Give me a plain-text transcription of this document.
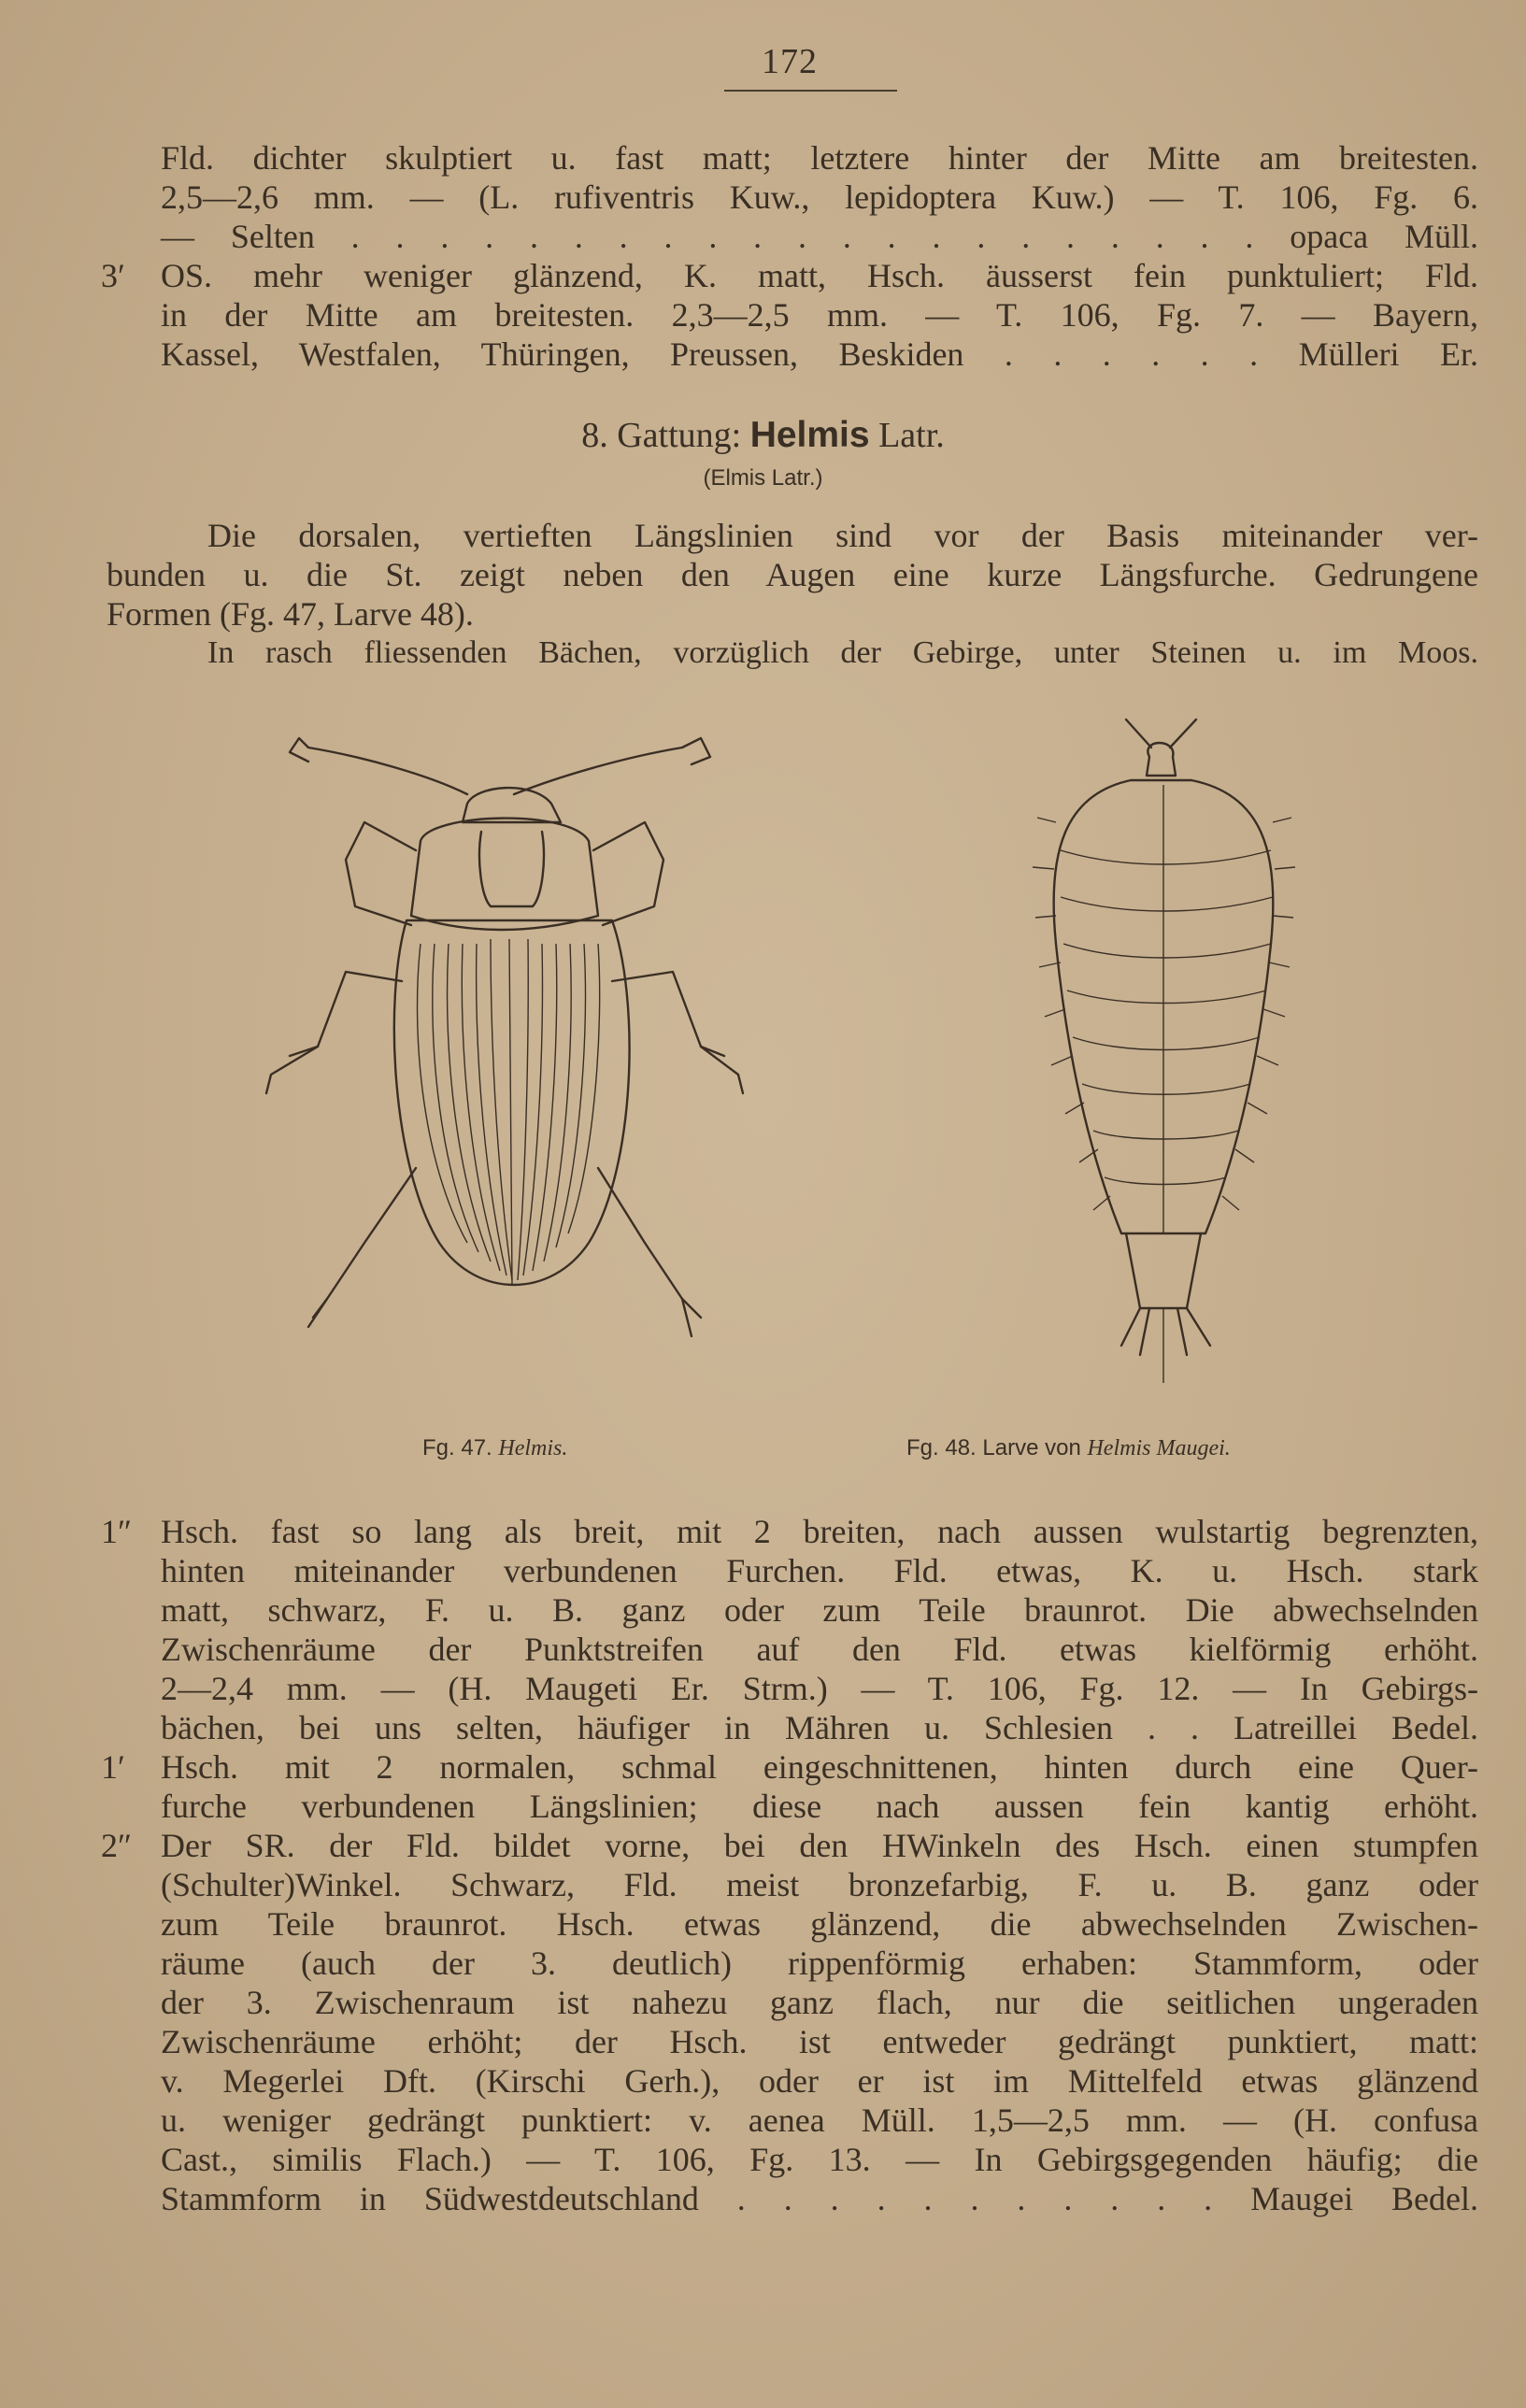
172
Fld. dichter skulptiert u. fast matt; letztere hinter der Mitte am breitesten.
2,5—2,6 mm. — (L. rufiventris Kuw., lepidoptera Kuw.) — T. 106, Fg. 6.
— Selten . . . . . . . . . . . . . . . . . . . . . opaca Müll.
3′ OS. mehr weniger glänzend, K. matt, Hsch. äusserst fein punktuliert; Fld.
in der Mitte am breitesten. 2,3—2,5 mm. — T. 106, Fg. 7. — Bayern,
Kassel, Westfalen, Thüringen, Preussen, Beskiden . . . . . . Mülleri Er.
8. Gattung: Helmis Latr.
(Elmis Latr.)
Die dorsalen, vertieften Längslinien sind vor der Basis miteinander ver-
bunden u. die St. zeigt neben den Augen eine kurze Längsfurche. Gedrungene
Formen (Fg. 47, Larve 48).
In rasch fliessenden Bächen, vorzüglich der Gebirge, unter Steinen u. im Moos.
Fg. 47. Helmis.	Fg. 48. Larve von Helmis Maugei.
1″ Hsch. fast so lang als breit, mit 2 breiten, nach aussen wulstartig begrenzten,
hinten miteinander verbundenen Furchen. Fld. etwas, K. u. Hsch. stark
matt, schwarz, F. u. B. ganz oder zum Teile braunrot. Die abwechselnden
Zwischenräume der Punktstreifen auf den Fld. etwas kielförmig erhöht.
2—2,4 mm. — (H. Maugeti Er. Strm.) — T. 106, Fg. 12. — In Gebirgs-
bächen, bei uns selten, häufiger in Mähren u. Schlesien . . Latreillei Bedel.
1′ Hsch. mit 2 normalen, schmal eingeschnittenen, hinten durch eine Quer-
furche verbundenen Längslinien; diese nach aussen fein kantig erhöht.
2″ Der SR. der Fld. bildet vorne, bei den HWinkeln des Hsch. einen stumpfen
(Schulter)Winkel. Schwarz, Fld. meist bronzefarbig, F. u. B. ganz oder
zum Teile braunrot. Hsch. etwas glänzend, die abwechselnden Zwischen-
räume (auch der 3. deutlich) rippenförmig erhaben: Stammform, oder
der 3. Zwischenraum ist nahezu ganz flach, nur die seitlichen ungeraden
Zwischenräume erhöht; der Hsch. ist entweder gedrängt punktiert, matt:
v. Megerlei Dft. (Kirschi Gerh.), oder er ist im Mittelfeld etwas glänzend
u. weniger gedrängt punktiert: v. aenea Müll. 1,5—2,5 mm. — (H. confusa
Cast., similis Flach.) — T. 106, Fg. 13. — In Gebirgsgegenden häufig; die
Stammform in Südwestdeutschland . . . . . . . . . . . Maugei Bedel.
